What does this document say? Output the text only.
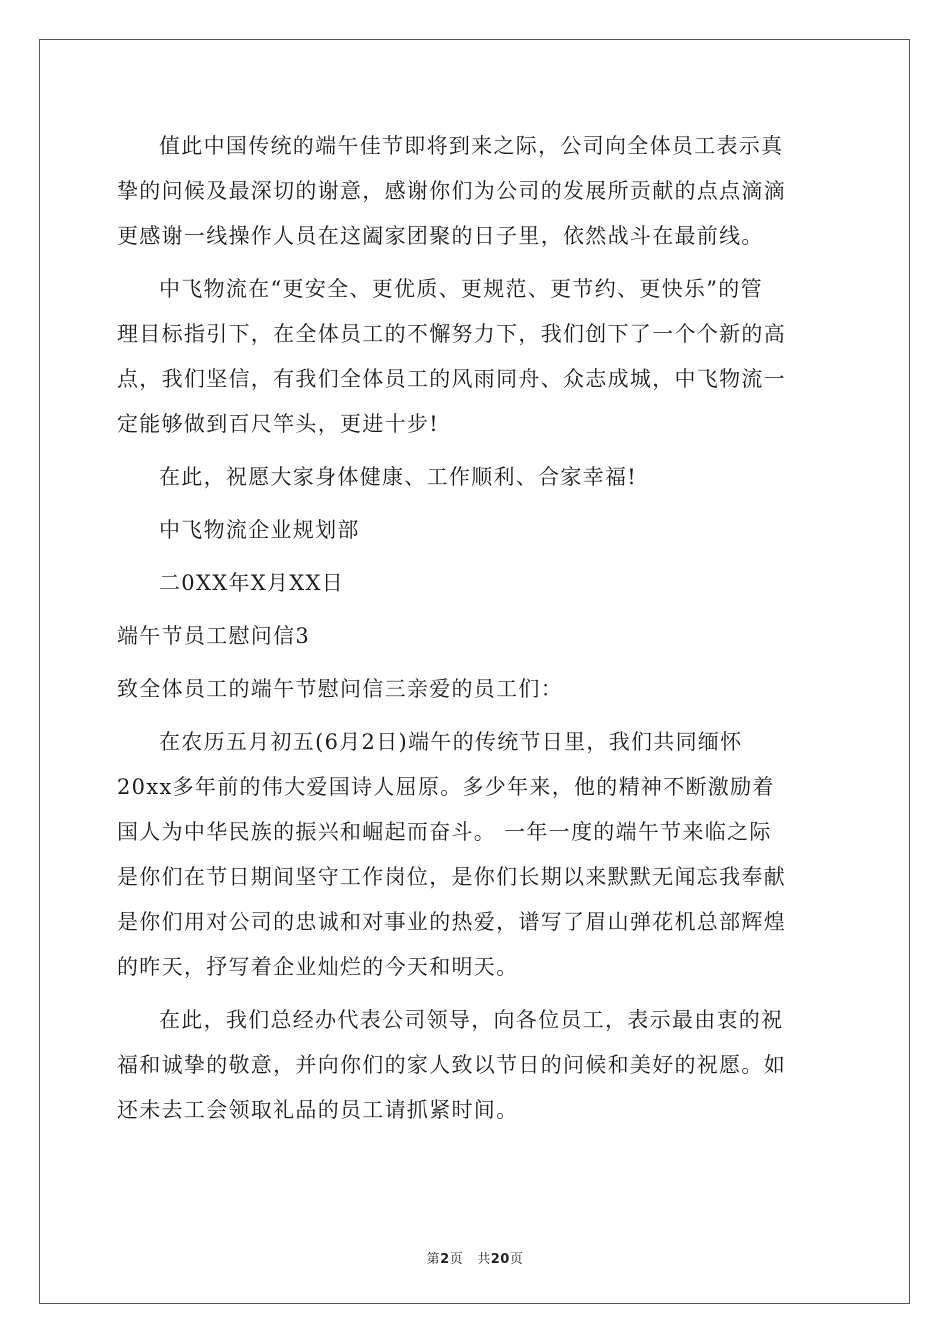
值此中国传统的端午佳节即将到来之际，公司向全体员工表示真
挚的问候及最深切的谢意，感谢你们为公司的发展所贡献的点点滴滴
更感谢一线操作人员在这阖家团聚的日子里，依然战斗在最前线。
中飞物流在“更安全、更优质、更规范、更节约、更快乐”的管
理目标指引下，在全体员工的不懈努力下，我们创下了一个个新的高
点，我们坚信，有我们全体员工的风雨同舟、众志成城，中飞物流一
定能够做到百尺竿头，更进十步!
在此，祝愿大家身体健康、工作顺利、合家幸福!
中飞物流企业规划部
二0XX年X月XX日
端午节员工慰问信3
致全体员工的端午节慰问信三亲爱的员工们：
在农历五月初五(6月2日)端午的传统节日里，我们共同缅怀
20xx多年前的伟大爱国诗人屈原。多少年来，他的精神不断激励着
国人为中华民族的振兴和崛起而奋斗。 一年一度的端午节来临之际
是你们在节日期间坚守工作岗位，是你们长期以来默默无闻忘我奉献
是你们用对公司的忠诚和对事业的热爱，谱写了眉山弹花机总部辉煌
的昨天，抒写着企业灿烂的今天和明天。
在此，我们总经办代表公司领导，向各位员工，表示最由衷的祝
福和诚挚的敬意，并向你们的家人致以节日的问候和美好的祝愿。如
还未去工会领取礼品的员工请抓紧时间。
第2页 共20页
